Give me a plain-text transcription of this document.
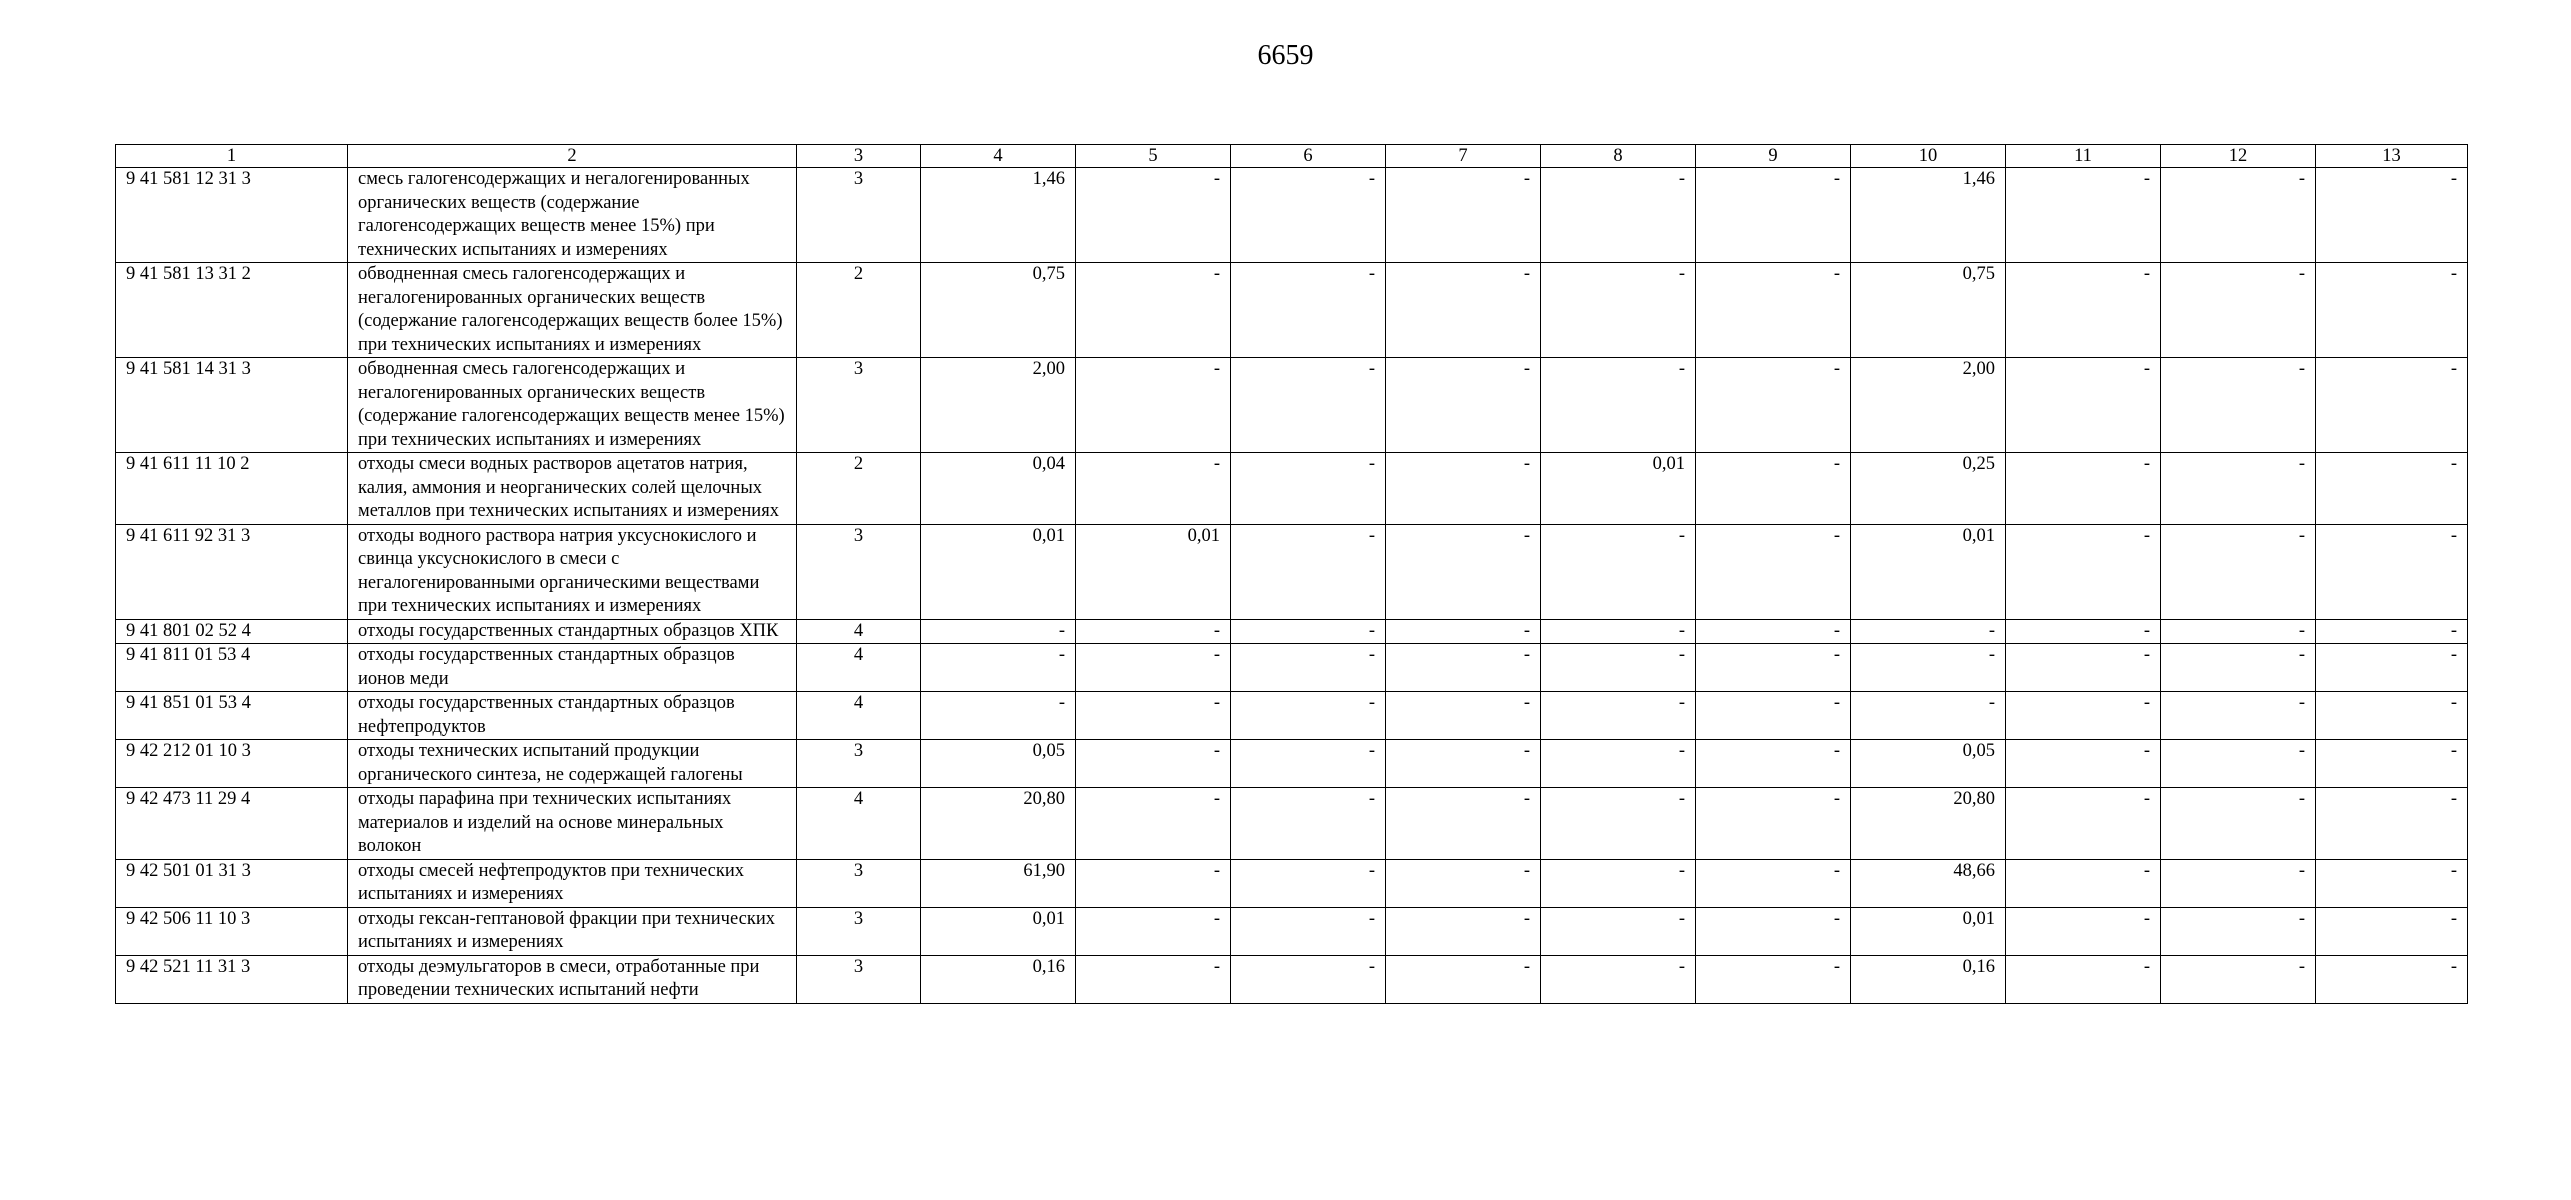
6659
1	2	3	4	5	6	7	8	9	10	11	12	13
9 41 581 12 31 3	смесь галогенсодержащих и негалогенированных органических веществ (содержание галогенсодержащих веществ менее 15%) при технических испытаниях и измерениях	3	1,46	-	-	-	-	-	1,46	-	-	-
9 41 581 13 31 2	обводненная смесь галогенсодержащих и негалогенированных органических веществ (содержание галогенсодержащих веществ более 15%) при технических испытаниях и измерениях	2	0,75	-	-	-	-	-	0,75	-	-	-
9 41 581 14 31 3	обводненная смесь галогенсодержащих и негалогенированных органических веществ (содержание галогенсодержащих веществ менее 15%) при технических испытаниях и измерениях	3	2,00	-	-	-	-	-	2,00	-	-	-
9 41 611 11 10 2	отходы смеси водных растворов ацетатов натрия, калия, аммония и неорганических солей щелочных металлов при технических испытаниях и измерениях	2	0,04	-	-	-	0,01	-	0,25	-	-	-
9 41 611 92 31 3	отходы водного раствора натрия уксуснокислого и свинца уксуснокислого в смеси с негалогенированными органическими веществами при технических испытаниях и измерениях	3	0,01	0,01	-	-	-	-	0,01	-	-	-
9 41 801 02 52 4	отходы государственных стандартных образцов ХПК	4	-	-	-	-	-	-	-	-	-	-
9 41 811 01 53 4	отходы государственных стандартных образцов ионов меди	4	-	-	-	-	-	-	-	-	-	-
9 41 851 01 53 4	отходы государственных стандартных образцов нефтепродуктов	4	-	-	-	-	-	-	-	-	-	-
9 42 212 01 10 3	отходы технических испытаний продукции органического синтеза, не содержащей галогены	3	0,05	-	-	-	-	-	0,05	-	-	-
9 42 473 11 29 4	отходы парафина при технических испытаниях материалов и изделий на основе минеральных волокон	4	20,80	-	-	-	-	-	20,80	-	-	-
9 42 501 01 31 3	отходы смесей нефтепродуктов при технических испытаниях и измерениях	3	61,90	-	-	-	-	-	48,66	-	-	-
9 42 506 11 10 3	отходы гексан-гептановой фракции при технических испытаниях и измерениях	3	0,01	-	-	-	-	-	0,01	-	-	-
9 42 521 11 31 3	отходы деэмульгаторов в смеси, отработанные при проведении технических испытаний нефти	3	0,16	-	-	-	-	-	0,16	-	-	-
